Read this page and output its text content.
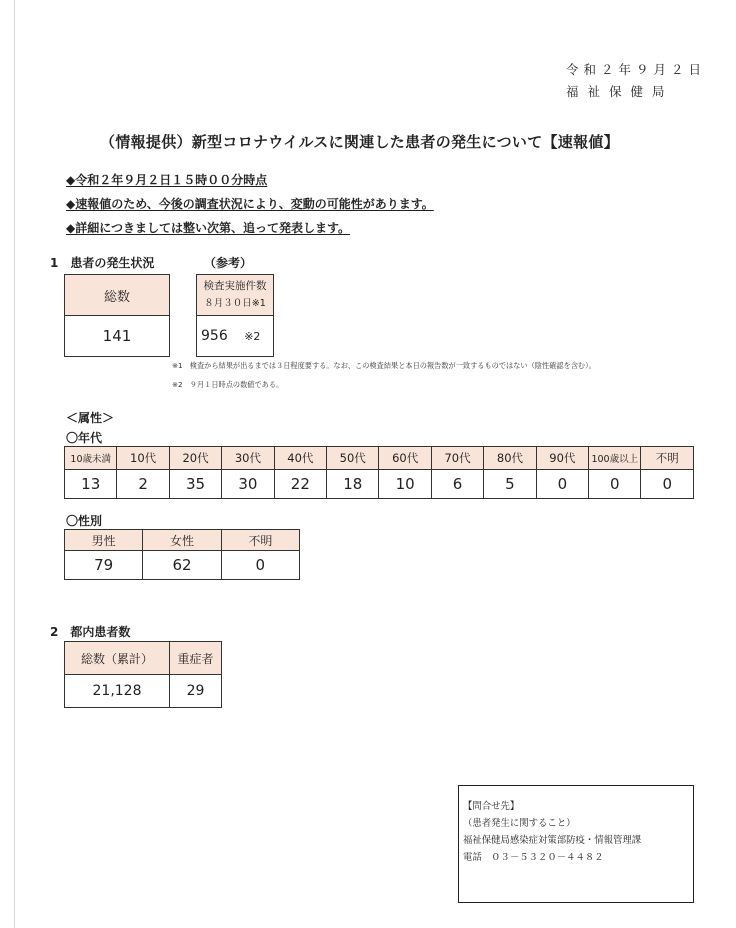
令和２年９月２日
福祉保健局
（情報提供）新型コロナウイルスに関連した患者の発生について【速報値】
◆令和２年９月２日１５時００分時点
◆速報値のため、今後の調査状況により、変動の可能性があります。
◆詳細につきましては整い次第、追って発表します。
1　患者の発生状況	（参考）
総数
141
検査実施件数
８月３０日※1

956 ※2
※1　検査から結果が出るまでは３日程度要する。なお、この検査結果と本日の報告数が一致するものではない（陰性確認を含む）。
※2　９月１日時点の数値である。
＜属性＞
〇年代
10歳未満	10代	20代	30代	40代	50代	60代	70代	80代	90代	100歳以上	不明
13	2	35	30	22	18	10	6	5	0	0	0
〇性別
男性	女性	不明
79	62	0
2　都内患者数
総数（累計）	重症者
21,128	29
【問合せ先】
（患者発生に関すること）
福祉保健局感染症対策部防疫・情報管理課
電話　０３－５３２０－４４８２
